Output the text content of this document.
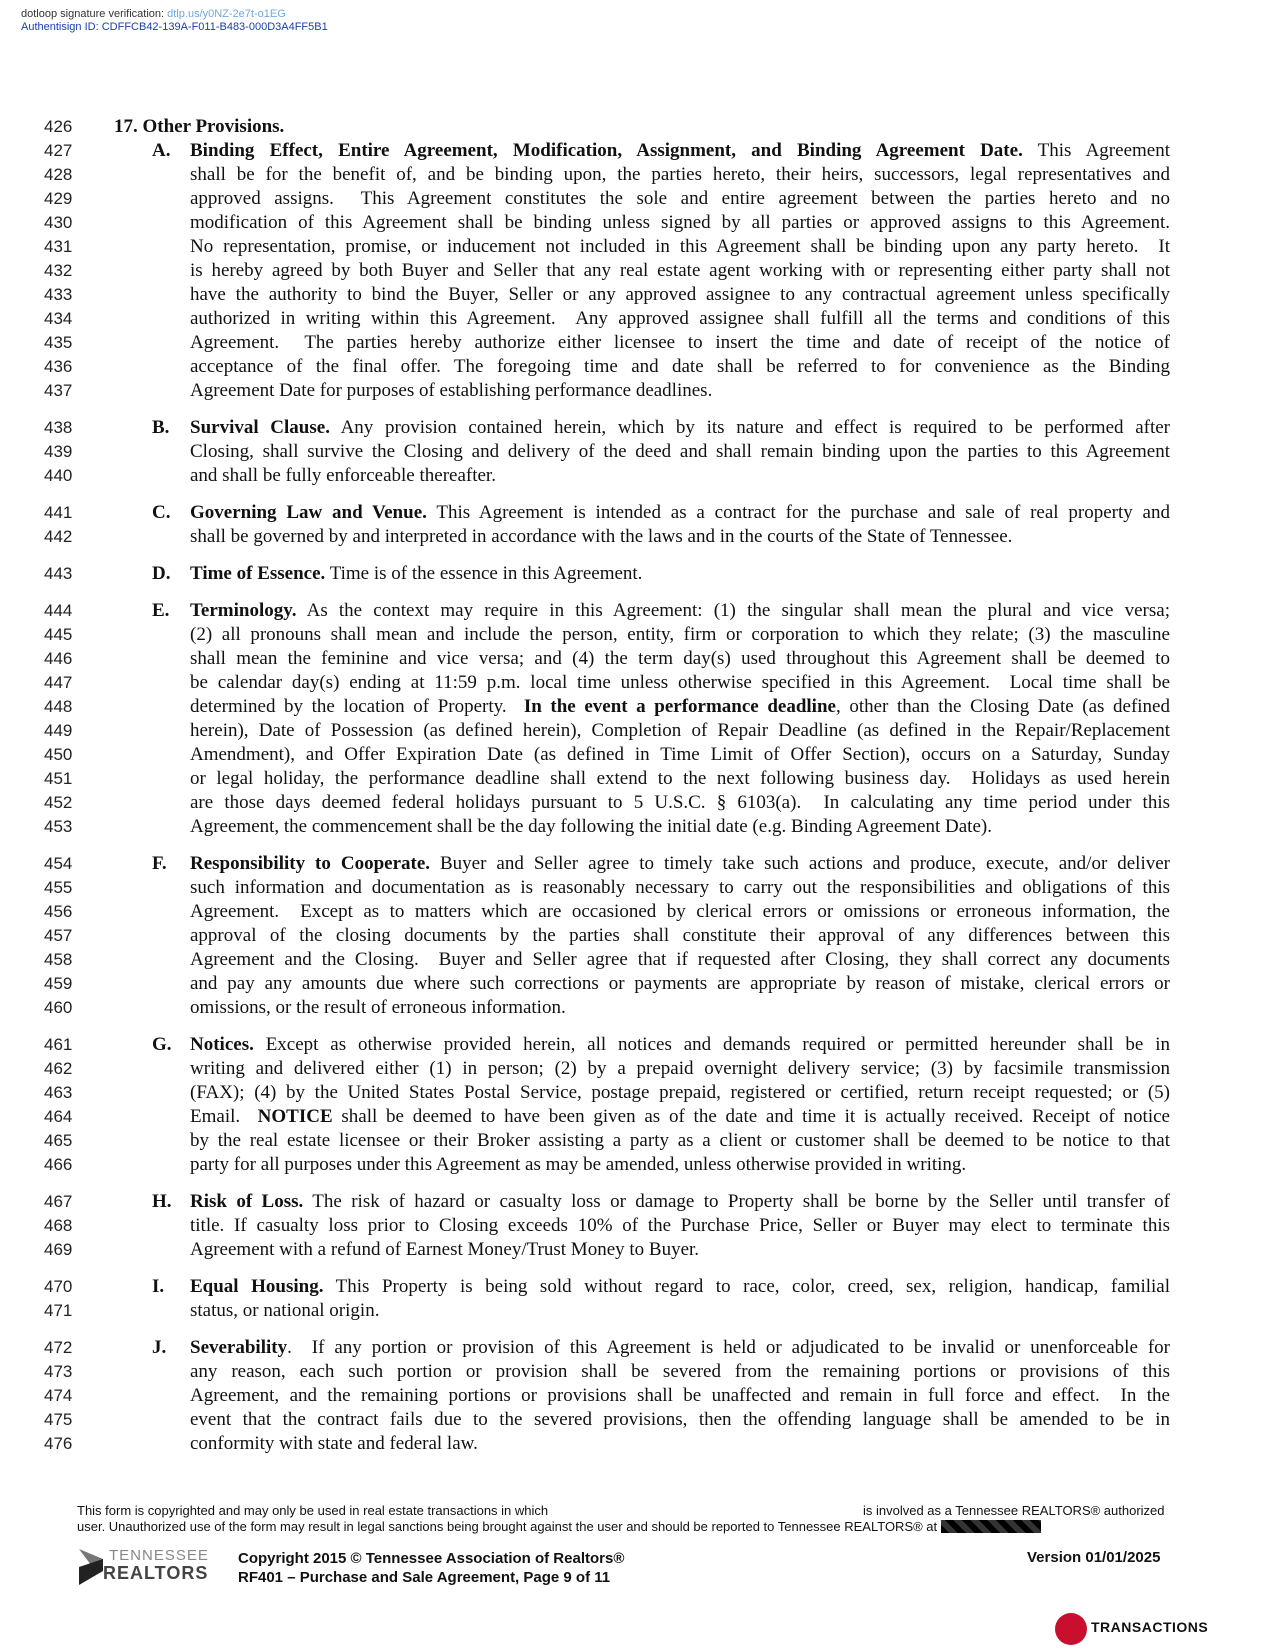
dotloop signature verification: dtlp.us/y0NZ-2e7t-o1EG
Authentisign ID: CDFFCB42-139A-F011-B483-000D3A4FF5B1
426	17. Other Provisions.
427	A. Binding Effect, Entire Agreement, Modification, Assignment, and Binding Agreement Date. This Agreement
428	shall be for the benefit of, and be binding upon, the parties hereto, their heirs, successors, legal representatives and
429	approved assigns.  This Agreement constitutes the sole and entire agreement between the parties hereto and no
430	modification of this Agreement shall be binding unless signed by all parties or approved assigns to this Agreement.
431	No representation, promise, or inducement not included in this Agreement shall be binding upon any party hereto.  It
432	is hereby agreed by both Buyer and Seller that any real estate agent working with or representing either party shall not
433	have the authority to bind the Buyer, Seller or any approved assignee to any contractual agreement unless specifically
434	authorized in writing within this Agreement.  Any approved assignee shall fulfill all the terms and conditions of this
435	Agreement.  The parties hereby authorize either licensee to insert the time and date of receipt of the notice of
436	acceptance of the final offer. The foregoing time and date shall be referred to for convenience as the Binding
437	Agreement Date for purposes of establishing performance deadlines.
438	B. Survival Clause. Any provision contained herein, which by its nature and effect is required to be performed after
439	Closing, shall survive the Closing and delivery of the deed and shall remain binding upon the parties to this Agreement
440	and shall be fully enforceable thereafter.
441	C. Governing Law and Venue. This Agreement is intended as a contract for the purchase and sale of real property and
442	shall be governed by and interpreted in accordance with the laws and in the courts of the State of Tennessee.
443	D. Time of Essence. Time is of the essence in this Agreement.
444	E. Terminology. As the context may require in this Agreement: (1) the singular shall mean the plural and vice versa;
445	(2) all pronouns shall mean and include the person, entity, firm or corporation to which they relate; (3) the masculine
446	shall mean the feminine and vice versa; and (4) the term day(s) used throughout this Agreement shall be deemed to
447	be calendar day(s) ending at 11:59 p.m. local time unless otherwise specified in this Agreement.  Local time shall be
448	determined by the location of Property.  In the event a performance deadline, other than the Closing Date (as defined
449	herein), Date of Possession (as defined herein), Completion of Repair Deadline (as defined in the Repair/Replacement
450	Amendment), and Offer Expiration Date (as defined in Time Limit of Offer Section), occurs on a Saturday, Sunday
451	or legal holiday, the performance deadline shall extend to the next following business day.  Holidays as used herein
452	are those days deemed federal holidays pursuant to 5 U.S.C. § 6103(a).  In calculating any time period under this
453	Agreement, the commencement shall be the day following the initial date (e.g. Binding Agreement Date).
454	F. Responsibility to Cooperate. Buyer and Seller agree to timely take such actions and produce, execute, and/or deliver
455	such information and documentation as is reasonably necessary to carry out the responsibilities and obligations of this
456	Agreement.  Except as to matters which are occasioned by clerical errors or omissions or erroneous information, the
457	approval of the closing documents by the parties shall constitute their approval of any differences between this
458	Agreement and the Closing.  Buyer and Seller agree that if requested after Closing, they shall correct any documents
459	and pay any amounts due where such corrections or payments are appropriate by reason of mistake, clerical errors or
460	omissions, or the result of erroneous information.
461	G. Notices. Except as otherwise provided herein, all notices and demands required or permitted hereunder shall be in
462	writing and delivered either (1) in person; (2) by a prepaid overnight delivery service; (3) by facsimile transmission
463	(FAX); (4) by the United States Postal Service, postage prepaid, registered or certified, return receipt requested; or (5)
464	Email.  NOTICE shall be deemed to have been given as of the date and time it is actually received. Receipt of notice
465	by the real estate licensee or their Broker assisting a party as a client or customer shall be deemed to be notice to that
466	party for all purposes under this Agreement as may be amended, unless otherwise provided in writing.
467	H. Risk of Loss. The risk of hazard or casualty loss or damage to Property shall be borne by the Seller until transfer of
468	title. If casualty loss prior to Closing exceeds 10% of the Purchase Price, Seller or Buyer may elect to terminate this
469	Agreement with a refund of Earnest Money/Trust Money to Buyer.
470	I. Equal Housing. This Property is being sold without regard to race, color, creed, sex, religion, handicap, familial
471	status, or national origin.
472	J. Severability.  If any portion or provision of this Agreement is held or adjudicated to be invalid or unenforceable for
473	any reason, each such portion or provision shall be severed from the remaining portions or provisions of this
474	Agreement, and the remaining portions or provisions shall be unaffected and remain in full force and effect.  In the
475	event that the contract fails due to the severed provisions, then the offending language shall be amended to be in
476	conformity with state and federal law.
This form is copyrighted and may only be used in real estate transactions in which	is involved as a Tennessee REALTORS® authorized
user. Unauthorized use of the form may result in legal sanctions being brought against the user and should be reported to Tennessee REALTORS® at
TENNESSEE
REALTORS
Copyright 2015 © Tennessee Association of Realtors®
RF401 – Purchase and Sale Agreement, Page 9 of 11
Version 01/01/2025
TRANSACTIONS
